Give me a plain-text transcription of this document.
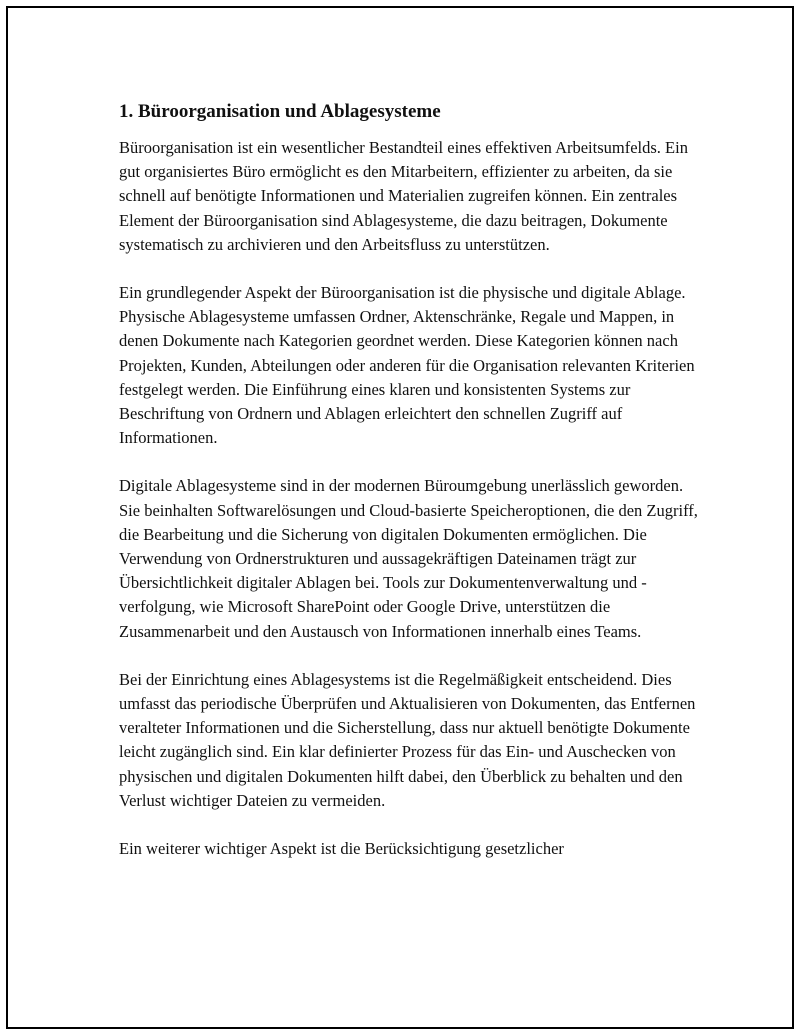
1. Büroorganisation und Ablagesysteme

Büroorganisation ist ein wesentlicher Bestandteil eines effektiven Arbeitsumfelds. Ein gut organisiertes Büro ermöglicht es den Mitarbeitern, effizienter zu arbeiten, da sie schnell auf benötigte Informationen und Materialien zugreifen können. Ein zentrales Element der Büroorganisation sind Ablagesysteme, die dazu beitragen, Dokumente systematisch zu archivieren und den Arbeitsfluss zu unterstützen.

Ein grundlegender Aspekt der Büroorganisation ist die physische und digitale Ablage. Physische Ablagesysteme umfassen Ordner, Aktenschränke, Regale und Mappen, in denen Dokumente nach Kategorien geordnet werden. Diese Kategorien können nach Projekten, Kunden, Abteilungen oder anderen für die Organisation relevanten Kriterien festgelegt werden. Die Einführung eines klaren und konsistenten Systems zur Beschriftung von Ordnern und Ablagen erleichtert den schnellen Zugriff auf Informationen.

Digitale Ablagesysteme sind in der modernen Büroumgebung unerlässlich geworden. Sie beinhalten Softwarelösungen und Cloud-basierte Speicheroptionen, die den Zugriff, die Bearbeitung und die Sicherung von digitalen Dokumenten ermöglichen. Die Verwendung von Ordnerstrukturen und aussagekräftigen Dateinamen trägt zur Übersichtlichkeit digitaler Ablagen bei. Tools zur Dokumentenverwaltung und -verfolgung, wie Microsoft SharePoint oder Google Drive, unterstützen die Zusammenarbeit und den Austausch von Informationen innerhalb eines Teams.

Bei der Einrichtung eines Ablagesystems ist die Regelmäßigkeit entscheidend. Dies umfasst das periodische Überprüfen und Aktualisieren von Dokumenten, das Entfernen veralteter Informationen und die Sicherstellung, dass nur aktuell benötigte Dokumente leicht zugänglich sind. Ein klar definierter Prozess für das Ein- und Auschecken von physischen und digitalen Dokumenten hilft dabei, den Überblick zu behalten und den Verlust wichtiger Dateien zu vermeiden.

Ein weiterer wichtiger Aspekt ist die Berücksichtigung gesetzlicher
